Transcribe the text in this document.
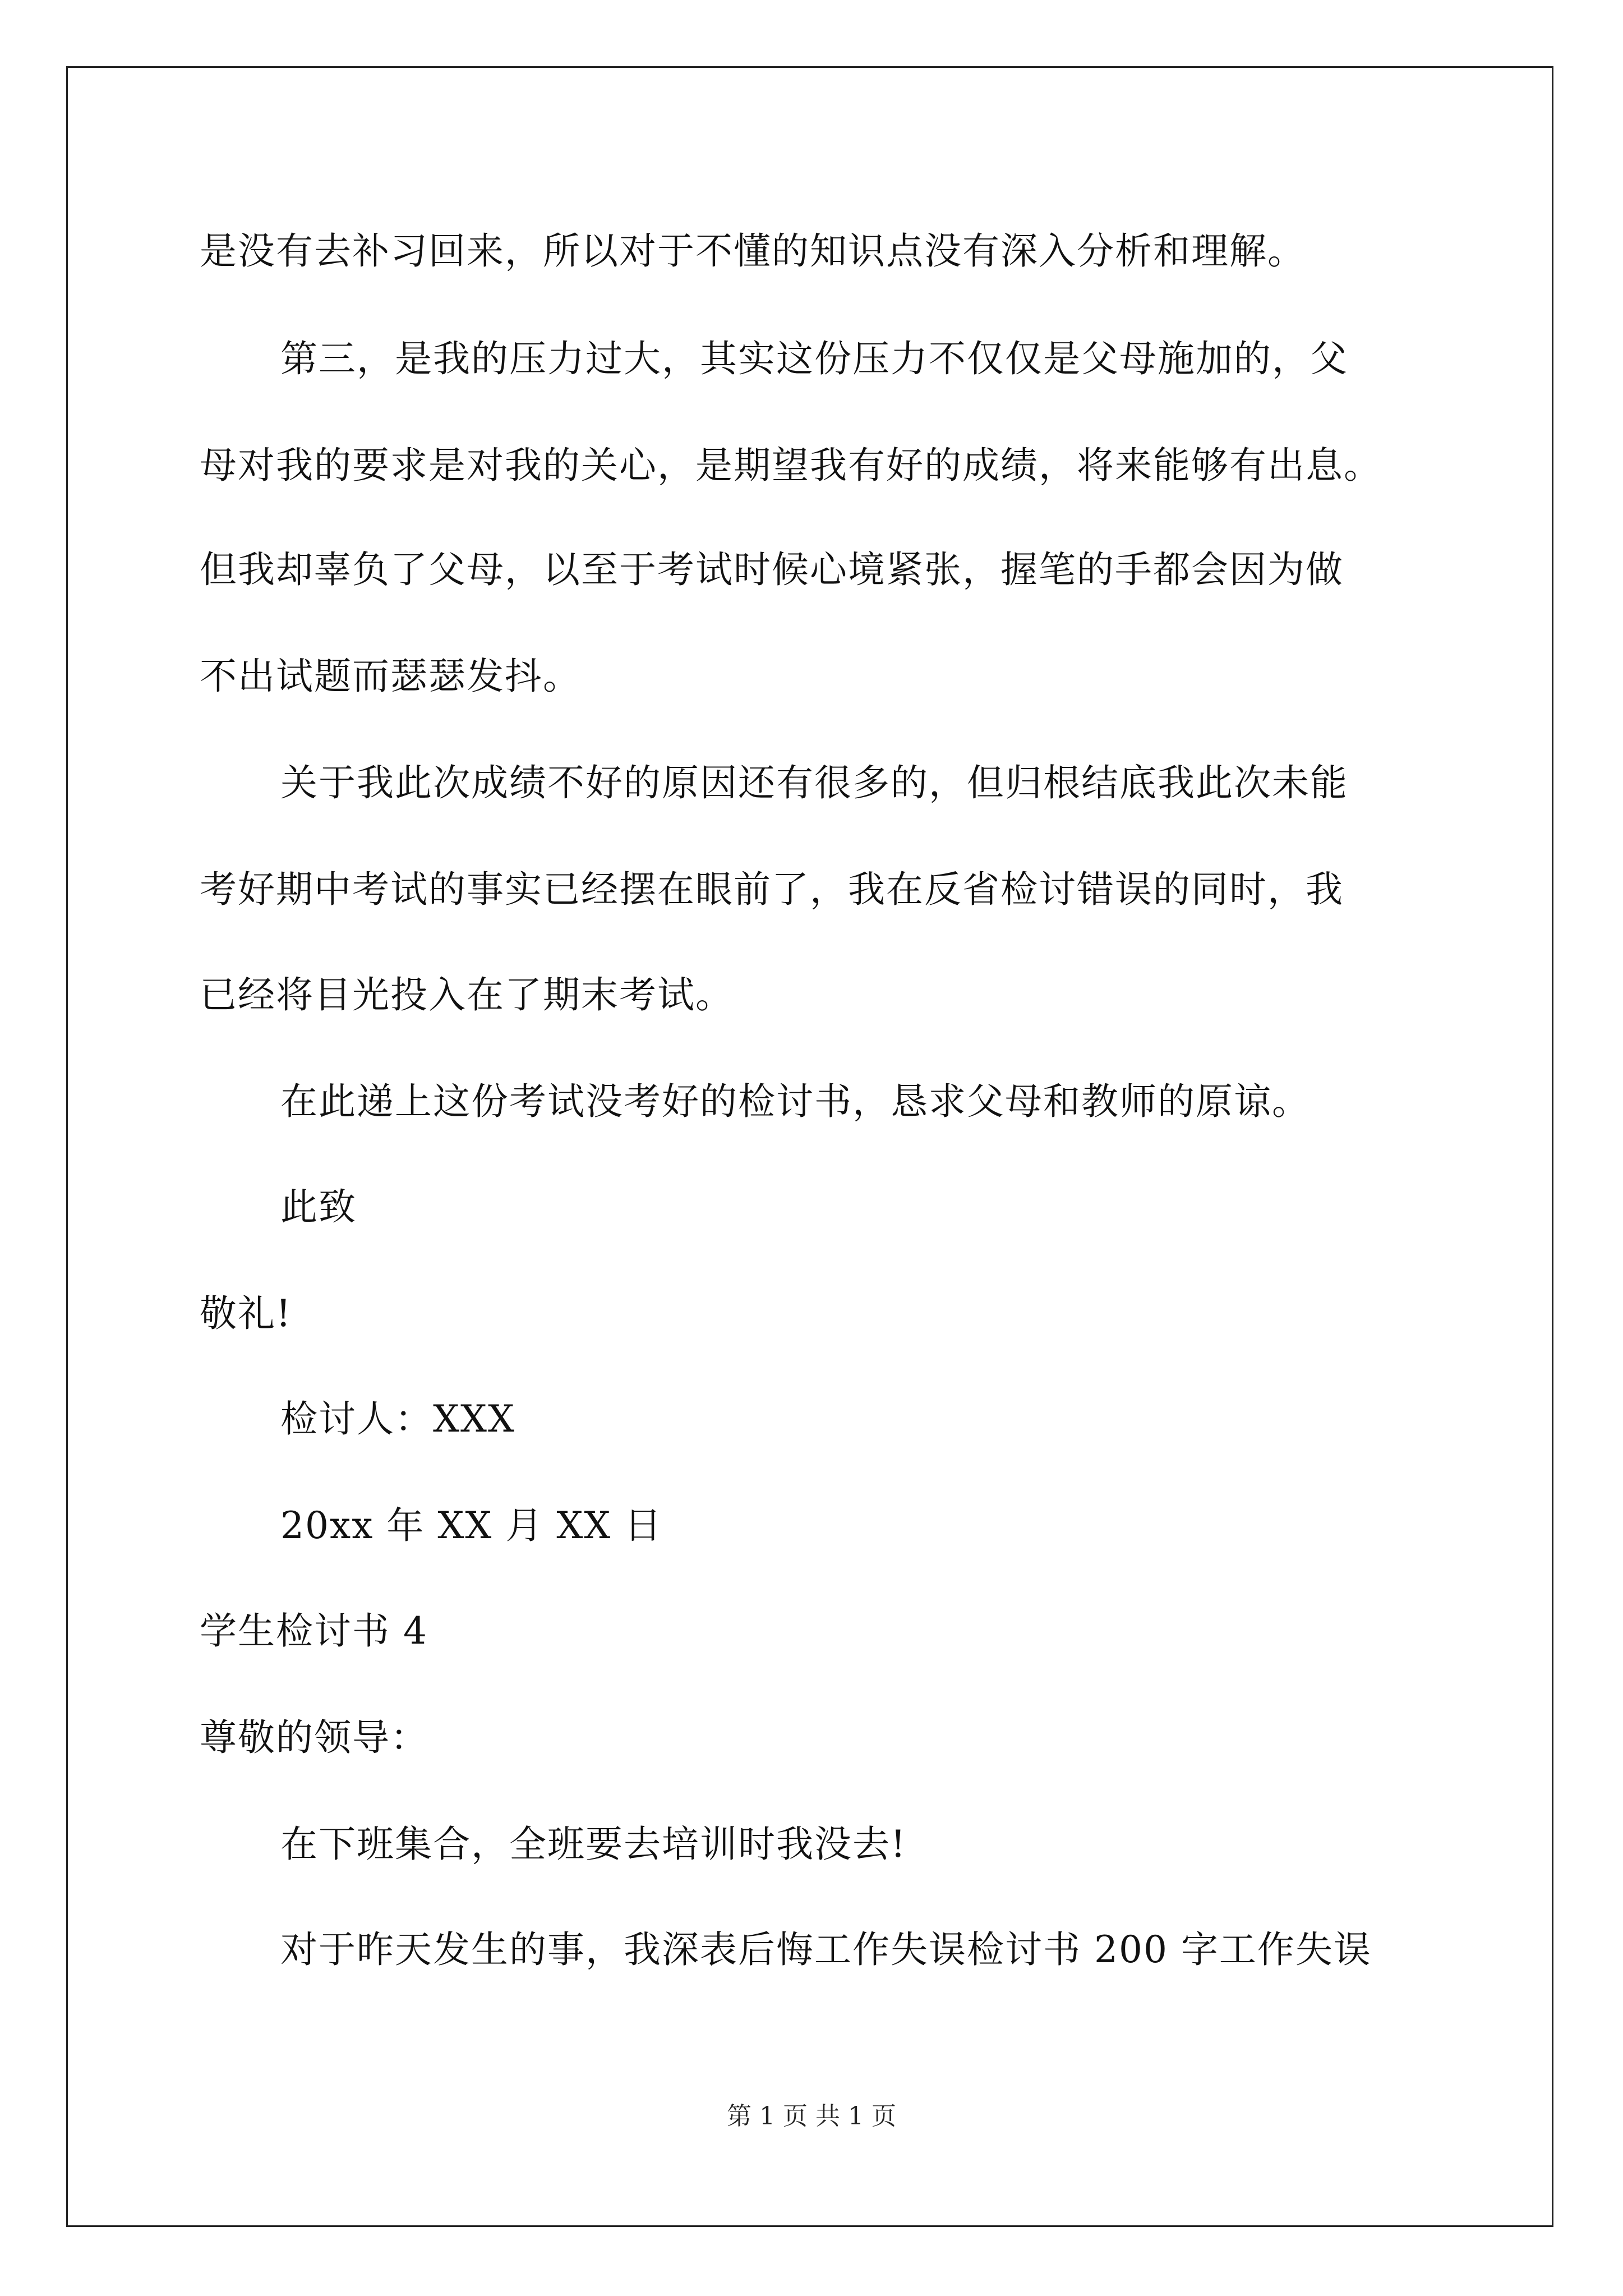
是没有去补习回来，所以对于不懂的知识点没有深入分析和理解。
第三，是我的压力过大，其实这份压力不仅仅是父母施加的，父
母对我的要求是对我的关心，是期望我有好的成绩，将来能够有出息。
但我却辜负了父母，以至于考试时候心境紧张，握笔的手都会因为做
不出试题而瑟瑟发抖。
关于我此次成绩不好的原因还有很多的，但归根结底我此次未能
考好期中考试的事实已经摆在眼前了，我在反省检讨错误的同时，我
已经将目光投入在了期末考试。
在此递上这份考试没考好的检讨书，恳求父母和教师的原谅。
此致
敬礼!
检讨人：XXX
20xx 年 XX 月 XX 日
学生检讨书 4
尊敬的领导：
在下班集合，全班要去培训时我没去!
对于昨天发生的事，我深表后悔工作失误检讨书 200 字工作失误
第 1 页 共 1 页
